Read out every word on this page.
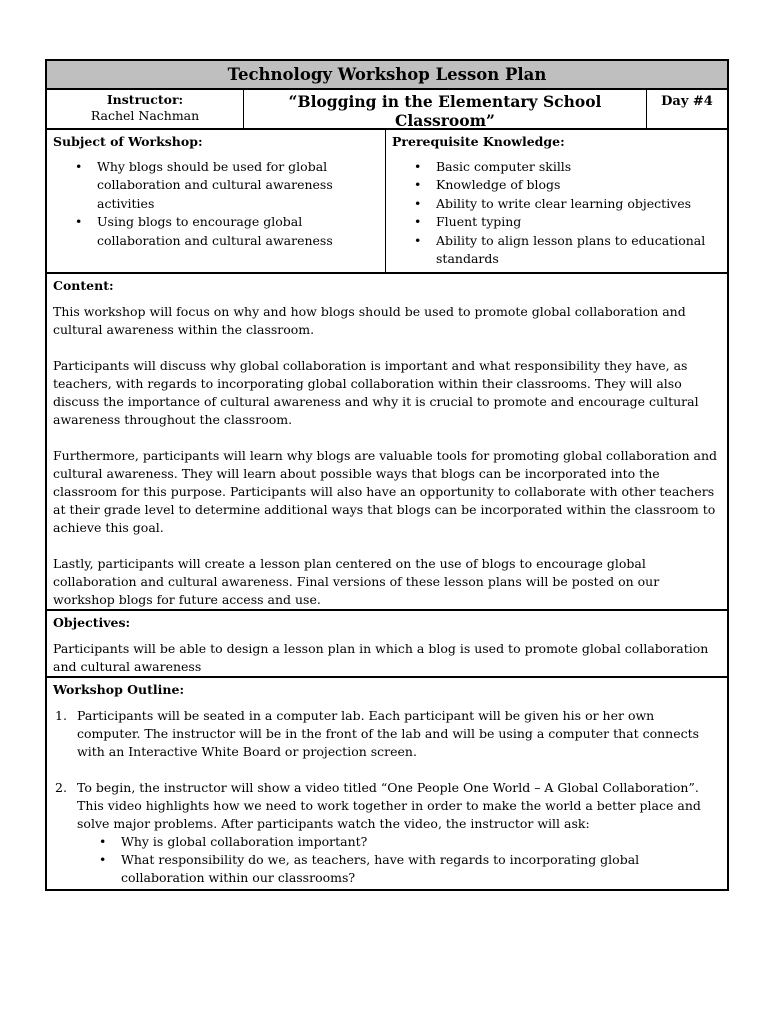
Technology Workshop Lesson Plan
Instructor:
Rachel Nachman
“Blogging in the Elementary School Classroom”
Day #4
Subject of Workshop:
• Why blogs should be used for global collaboration and cultural awareness activities
• Using blogs to encourage global collaboration and cultural awareness
Prerequisite Knowledge:
• Basic computer skills
• Knowledge of blogs
• Ability to write clear learning objectives
• Fluent typing
• Ability to align lesson plans to educational standards
Content:

This workshop will focus on why and how blogs should be used to promote global collaboration and cultural awareness within the classroom.

Participants will discuss why global collaboration is important and what responsibility they have, as teachers, with regards to incorporating global collaboration within their classrooms. They will also discuss the importance of cultural awareness and why it is crucial to promote and encourage cultural awareness throughout the classroom.

Furthermore, participants will learn why blogs are valuable tools for promoting global collaboration and cultural awareness. They will learn about possible ways that blogs can be incorporated into the classroom for this purpose. Participants will also have an opportunity to collaborate with other teachers at their grade level to determine additional ways that blogs can be incorporated within the classroom to achieve this goal.

Lastly, participants will create a lesson plan centered on the use of blogs to encourage global collaboration and cultural awareness. Final versions of these lesson plans will be posted on our workshop blogs for future access and use.

Objectives:

Participants will be able to design a lesson plan in which a blog is used to promote global collaboration and cultural awareness

Workshop Outline:
1. Participants will be seated in a computer lab. Each participant will be given his or her own computer. The instructor will be in the front of the lab and will be using a computer that connects with an Interactive White Board or projection screen.
2. To begin, the instructor will show a video titled “One People One World – A Global Collaboration”. This video highlights how we need to work together in order to make the world a better place and solve major problems. After participants watch the video, the instructor will ask:
• Why is global collaboration important?
• What responsibility do we, as teachers, have with regards to incorporating global collaboration within our classrooms?
